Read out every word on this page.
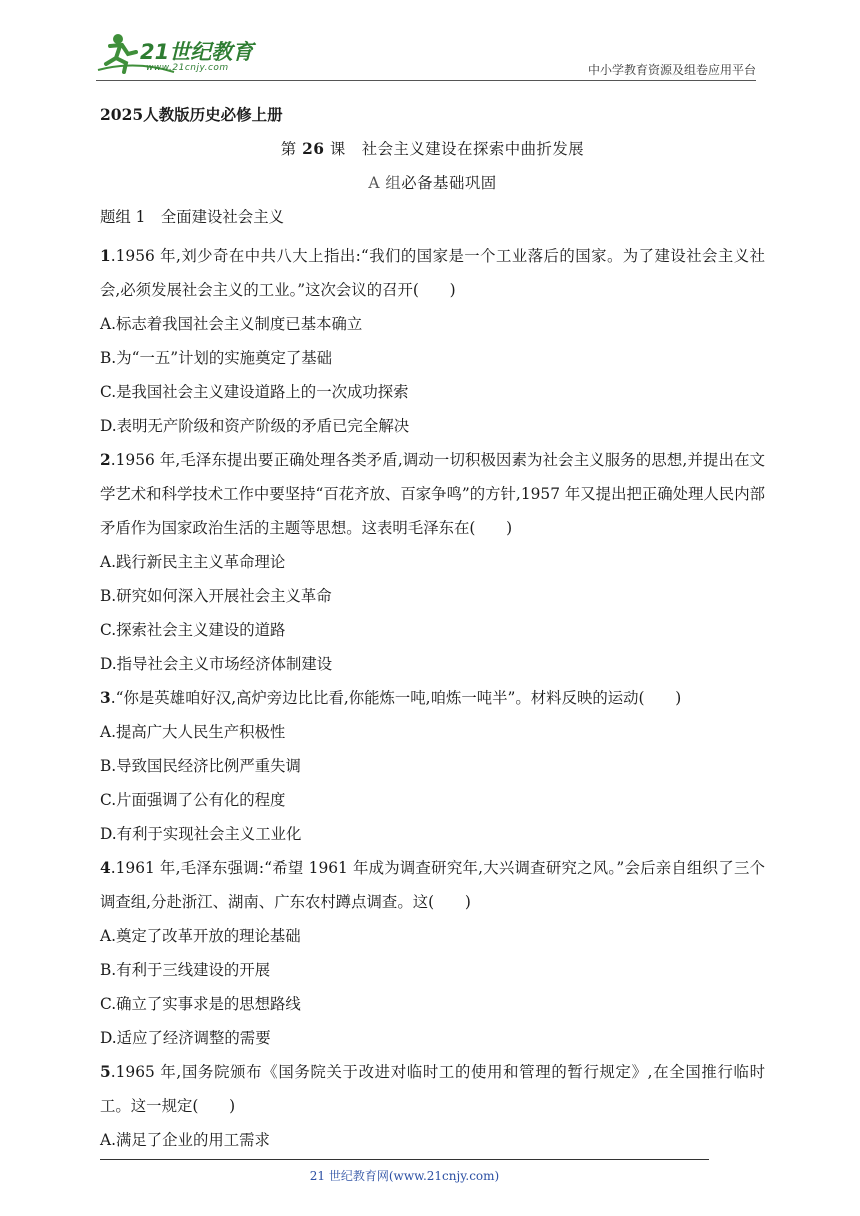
21世纪教育
www.21cnjy.com	中小学教育资源及组卷应用平台
2025人教版历史必修上册
第 26 课  社会主义建设在探索中曲折发展
A 组必备基础巩固
题组 1　全面建设社会主义
1.1956 年,刘少奇在中共八大上指出:“我们的国家是一个工业落后的国家。为了建设社会主义社会,必须发展社会主义的工业。”这次会议的召开(　　)
A.标志着我国社会主义制度已基本确立
B.为“一五”计划的实施奠定了基础
C.是我国社会主义建设道路上的一次成功探索
D.表明无产阶级和资产阶级的矛盾已完全解决
2.1956 年,毛泽东提出要正确处理各类矛盾,调动一切积极因素为社会主义服务的思想,并提出在文学艺术和科学技术工作中要坚持“百花齐放、百家争鸣”的方针,1957 年又提出把正确处理人民内部矛盾作为国家政治生活的主题等思想。这表明毛泽东在(　　)
A.践行新民主主义革命理论
B.研究如何深入开展社会主义革命
C.探索社会主义建设的道路
D.指导社会主义市场经济体制建设
3.“你是英雄咱好汉,高炉旁边比比看,你能炼一吨,咱炼一吨半”。材料反映的运动(　　)
A.提高广大人民生产积极性
B.导致国民经济比例严重失调
C.片面强调了公有化的程度
D.有利于实现社会主义工业化
4.1961 年,毛泽东强调:“希望 1961 年成为调查研究年,大兴调查研究之风。”会后亲自组织了三个调查组,分赴浙江、湖南、广东农村蹲点调查。这(　　)
A.奠定了改革开放的理论基础
B.有利于三线建设的开展
C.确立了实事求是的思想路线
D.适应了经济调整的需要
5.1965 年,国务院颁布《国务院关于改进对临时工的使用和管理的暂行规定》,在全国推行临时工。这一规定(　　)
A.满足了企业的用工需求
21 世纪教育网(www.21cnjy.com)
